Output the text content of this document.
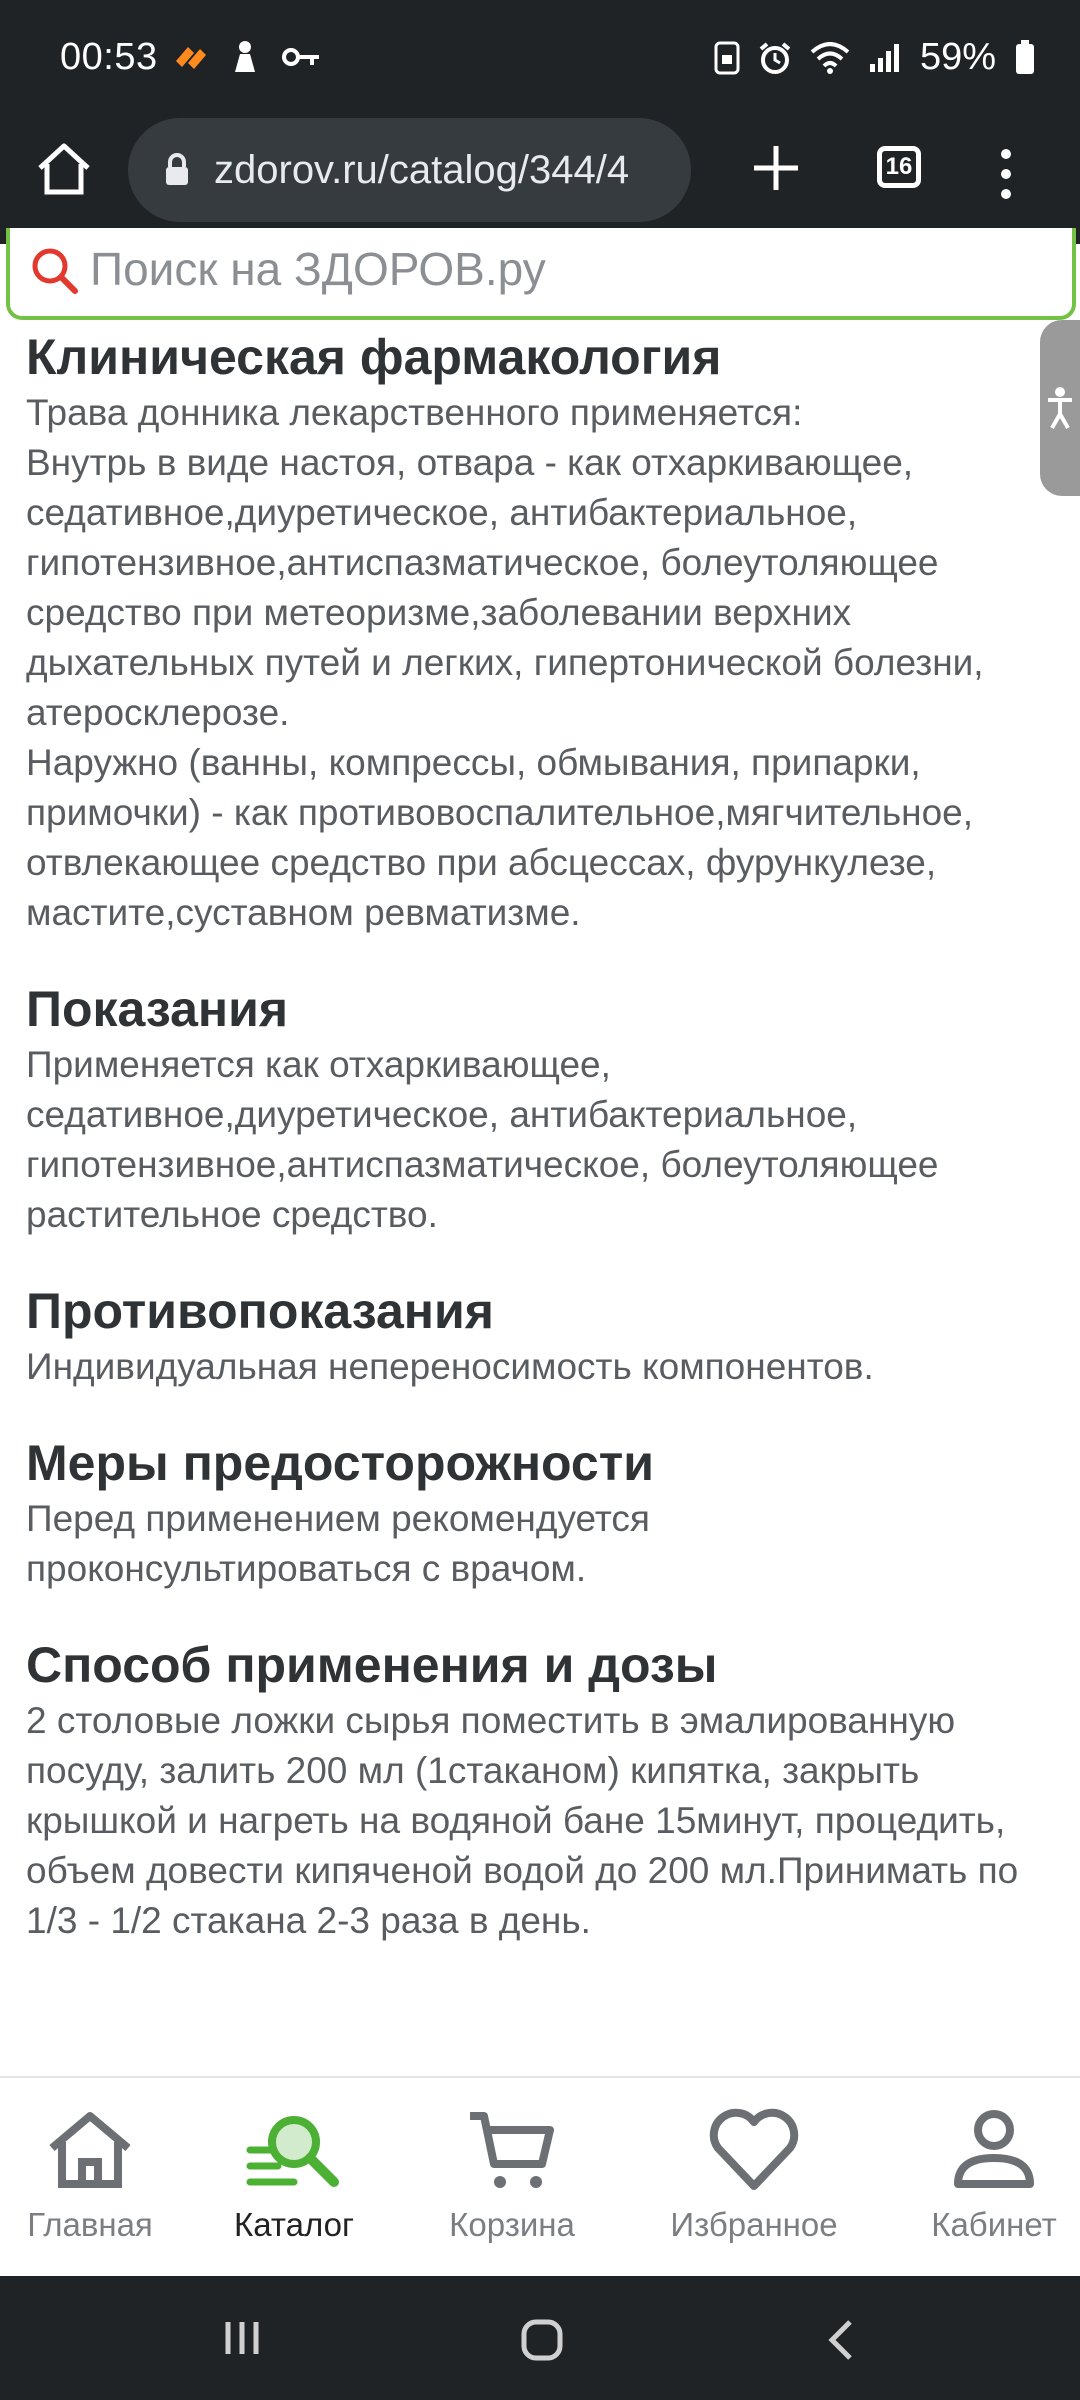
00:53	59%
zdorov.ru/catalog/344/4	16
Поиск на ЗДОРОВ.ру
Клиническая фармакология

Трава донника лекарственного применяется:

• Внутрь в виде настоя, отвара - как отхаркивающее, седативное,диуретическое, антибактериальное, гипотензивное,антиспазматическое, болеутоляющее средство при метеоризме,заболевании верхних дыхательных путей и легких, гипертонической болезни, атеросклерозе.

• Наружно (ванны, компрессы, обмывания, припарки, примочки) - как противовоспалительное,мягчительное, отвлекающее средство при абсцессах, фурункулезе, мастите,суставном ревматизме.

Показания

Применяется как отхаркивающее, седативное,диуретическое, антибактериальное, гипотензивное,антиспазматическое, болеутоляющее растительное средство.

Противопоказания

Индивидуальная непереносимость компонентов.

Меры предосторожности

Перед применением рекомендуется проконсультироваться с врачом.

Способ применения и дозы

2 столовые ложки сырья поместить в эмалированную посуду, залить 200 мл (1стаканом) кипятка, закрыть крышкой и нагреть на водяной бане 15минут, процедить, объем довести кипяченой водой до 200 мл.Принимать по 1/3 - 1/2 стакана 2-3 раза в день.

Главная	Каталог	Корзина	Избранное	Кабинет
